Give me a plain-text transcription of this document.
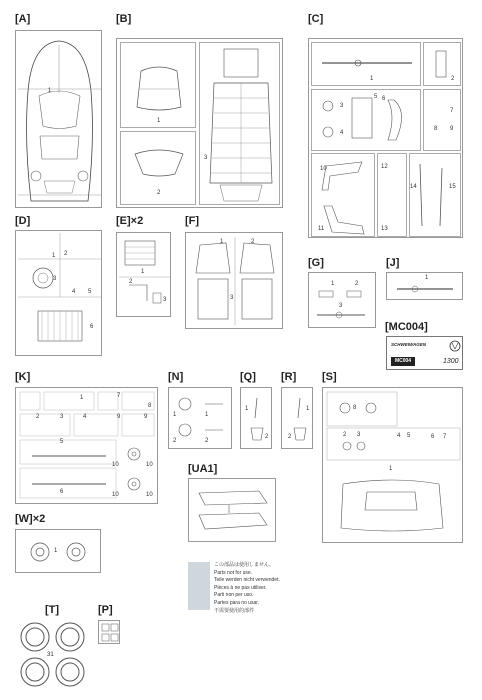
[A]	[B]	[C]
[D]	[E]×2	[F]
[G]	[J]
[MC004]
[K]	[N]	[Q] [R] [S]
[UA1]
[W]×2
[T]	[P]
1
1
2
3
1	2
3
4
5 6
7
8 9
10
11
12
13
14	15
1 2
3
4 5
6
1
2
3
1	2
3
1	2
3
1
SCHWEIWAGEN
MC004	1300
1
2	3	4
5
6
7
8
9	9
10	10
10	10
1
2
1
2
1
2
1
2
8
2 3	4 5	6 7
1
この部品は使用しません。
Parts not for use.
Teile werden nicht verwendet.
Pièces à ne pas utiliser.
Parti non per uso.
Partes para no usar.
不需要使用的部件
1
31
